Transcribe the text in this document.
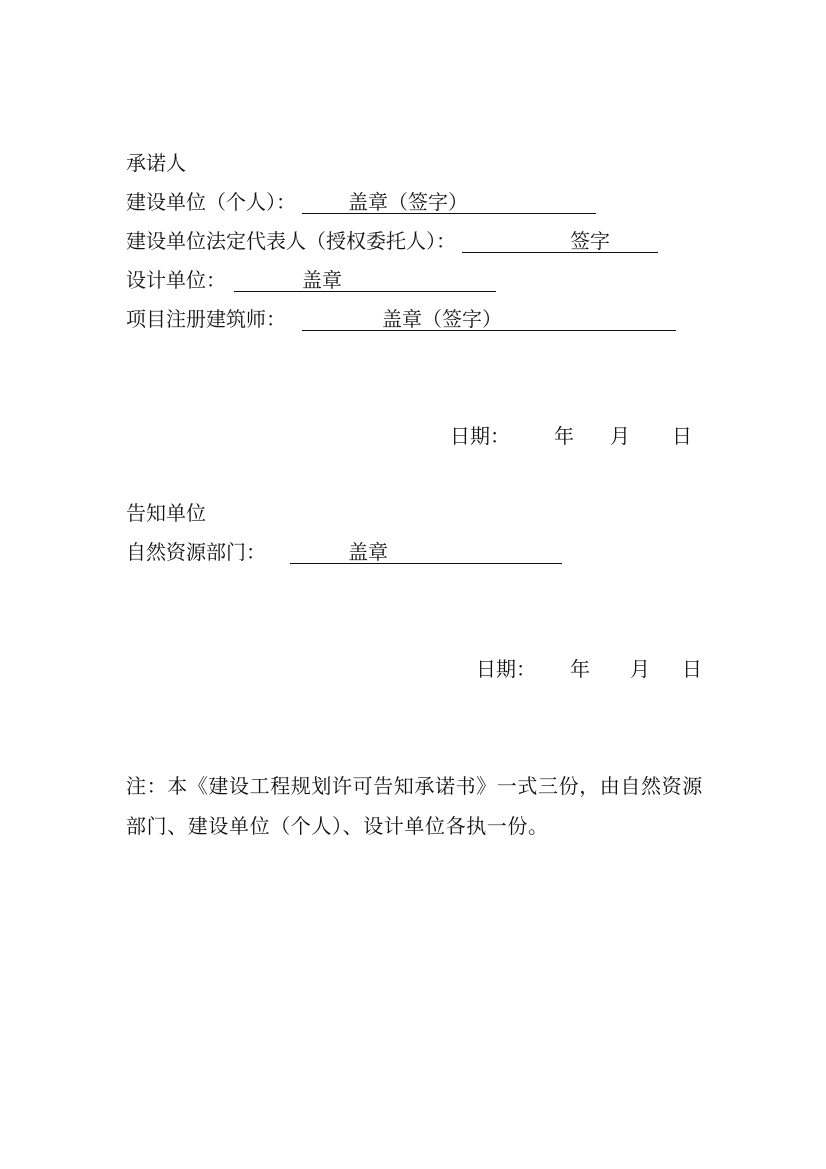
承诺人
建设单位（个人）：	盖章（签字）
建设单位法定代表人（授权委托人）：	签字
设计单位：	盖章
项目注册建筑师：	盖章（签字）
日期： 年 月 日
告知单位
自然资源部门：	盖章
日期： 年 月 日
注：本《建设工程规划许可告知承诺书》一式三份，由自然资源部门、建设单位（个人）、设计单位各执一份。
